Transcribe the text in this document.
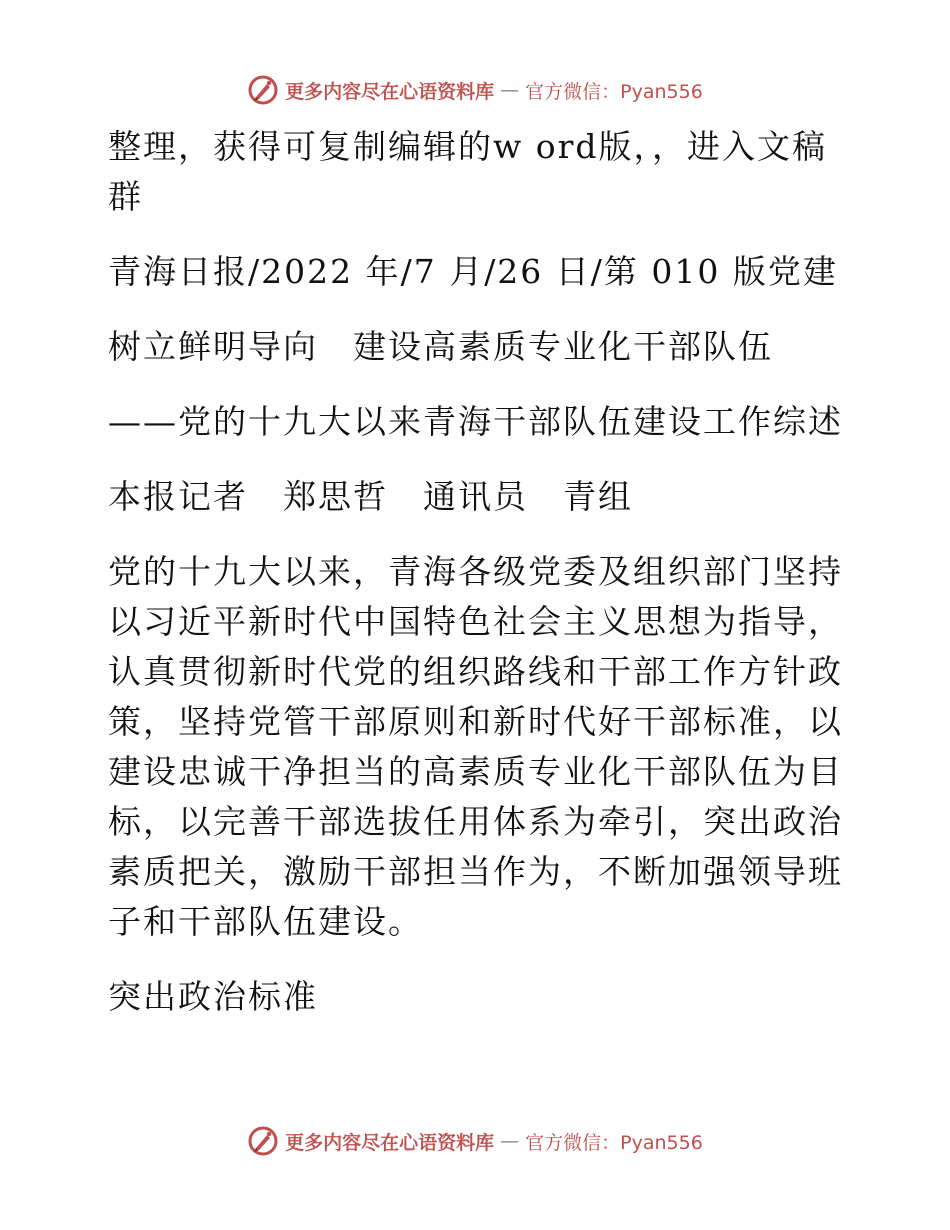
更多内容尽在心语资料库 — 官方微信：Pyan556

整理，获得可复制编辑的w ord版，，进入文稿群

青海日报/2022 年/7 月/26 日/第 010 版党建

树立鲜明导向　建设高素质专业化干部队伍

——党的十九大以来青海干部队伍建设工作综述

本报记者　郑思哲　通讯员　青组

党的十九大以来，青海各级党委及组织部门坚持以习近平新时代中国特色社会主义思想为指导，认真贯彻新时代党的组织路线和干部工作方针政策，坚持党管干部原则和新时代好干部标准，以建设忠诚干净担当的高素质专业化干部队伍为目标，以完善干部选拔任用体系为牵引，突出政治素质把关，激励干部担当作为，不断加强领导班子和干部队伍建设。

突出政治标准

更多内容尽在心语资料库 — 官方微信：Pyan556
